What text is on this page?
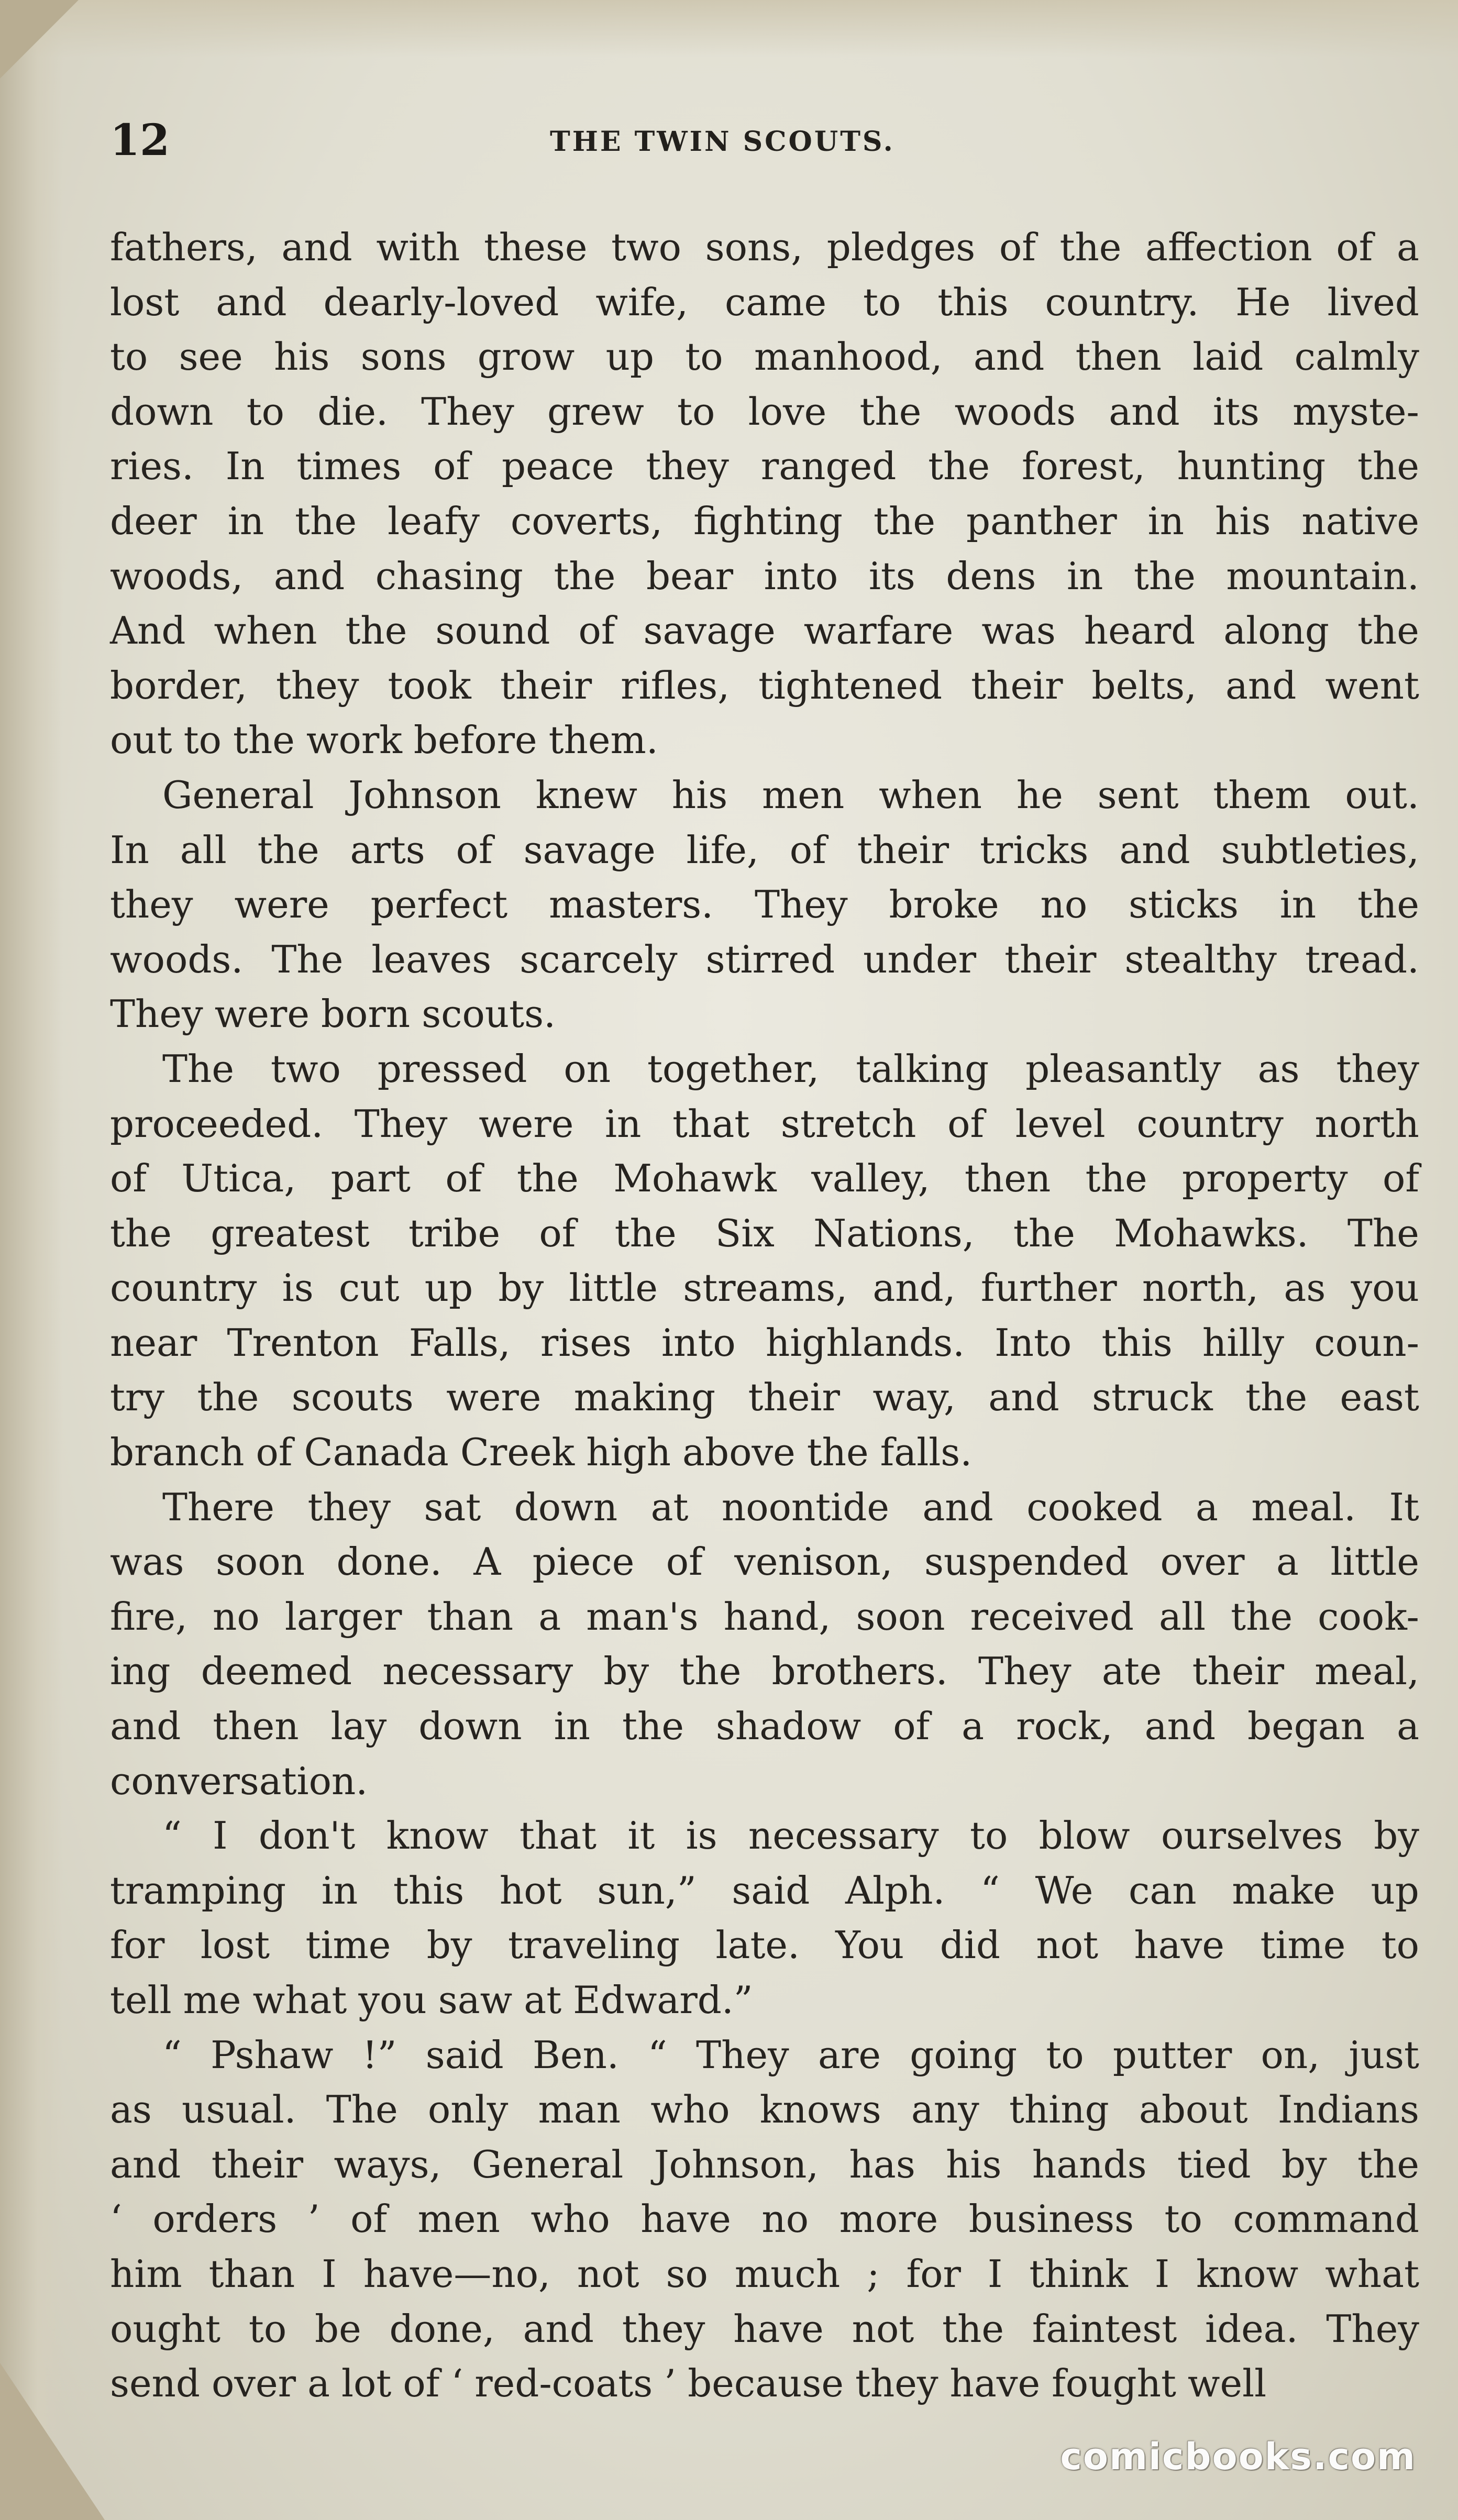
12	THE TWIN SCOUTS.
fathers, and with these two sons, pledges of the affection of a
lost and dearly-loved wife, came to this country. He lived
to see his sons grow up to manhood, and then laid calmly
down to die. They grew to love the woods and its myste-
ries. In times of peace they ranged the forest, hunting the
deer in the leafy coverts, fighting the panther in his native
woods, and chasing the bear into its dens in the mountain.
And when the sound of savage warfare was heard along the
border, they took their rifles, tightened their belts, and went
out to the work before them.
General Johnson knew his men when he sent them out.
In all the arts of savage life, of their tricks and subtleties,
they were perfect masters. They broke no sticks in the
woods. The leaves scarcely stirred under their stealthy tread.
They were born scouts.
The two pressed on together, talking pleasantly as they
proceeded. They were in that stretch of level country north
of Utica, part of the Mohawk valley, then the property of
the greatest tribe of the Six Nations, the Mohawks. The
country is cut up by little streams, and, further north, as you
near Trenton Falls, rises into highlands. Into this hilly coun-
try the scouts were making their way, and struck the east
branch of Canada Creek high above the falls.
There they sat down at noontide and cooked a meal. It
was soon done. A piece of venison, suspended over a little
fire, no larger than a man's hand, soon received all the cook-
ing deemed necessary by the brothers. They ate their meal,
and then lay down in the shadow of a rock, and began a
conversation.
“ I don't know that it is necessary to blow ourselves by
tramping in this hot sun,” said Alph. “ We can make up
for lost time by traveling late. You did not have time to
tell me what you saw at Edward.”
“ Pshaw !” said Ben. “ They are going to putter on, just
as usual. The only man who knows any thing about Indians
and their ways, General Johnson, has his hands tied by the
‘ orders ’ of men who have no more business to command
him than I have—no, not so much ; for I think I know what
ought to be done, and they have not the faintest idea. They
send over a lot of ‘ red-coats ’ because they have fought well
comicbooks.com
